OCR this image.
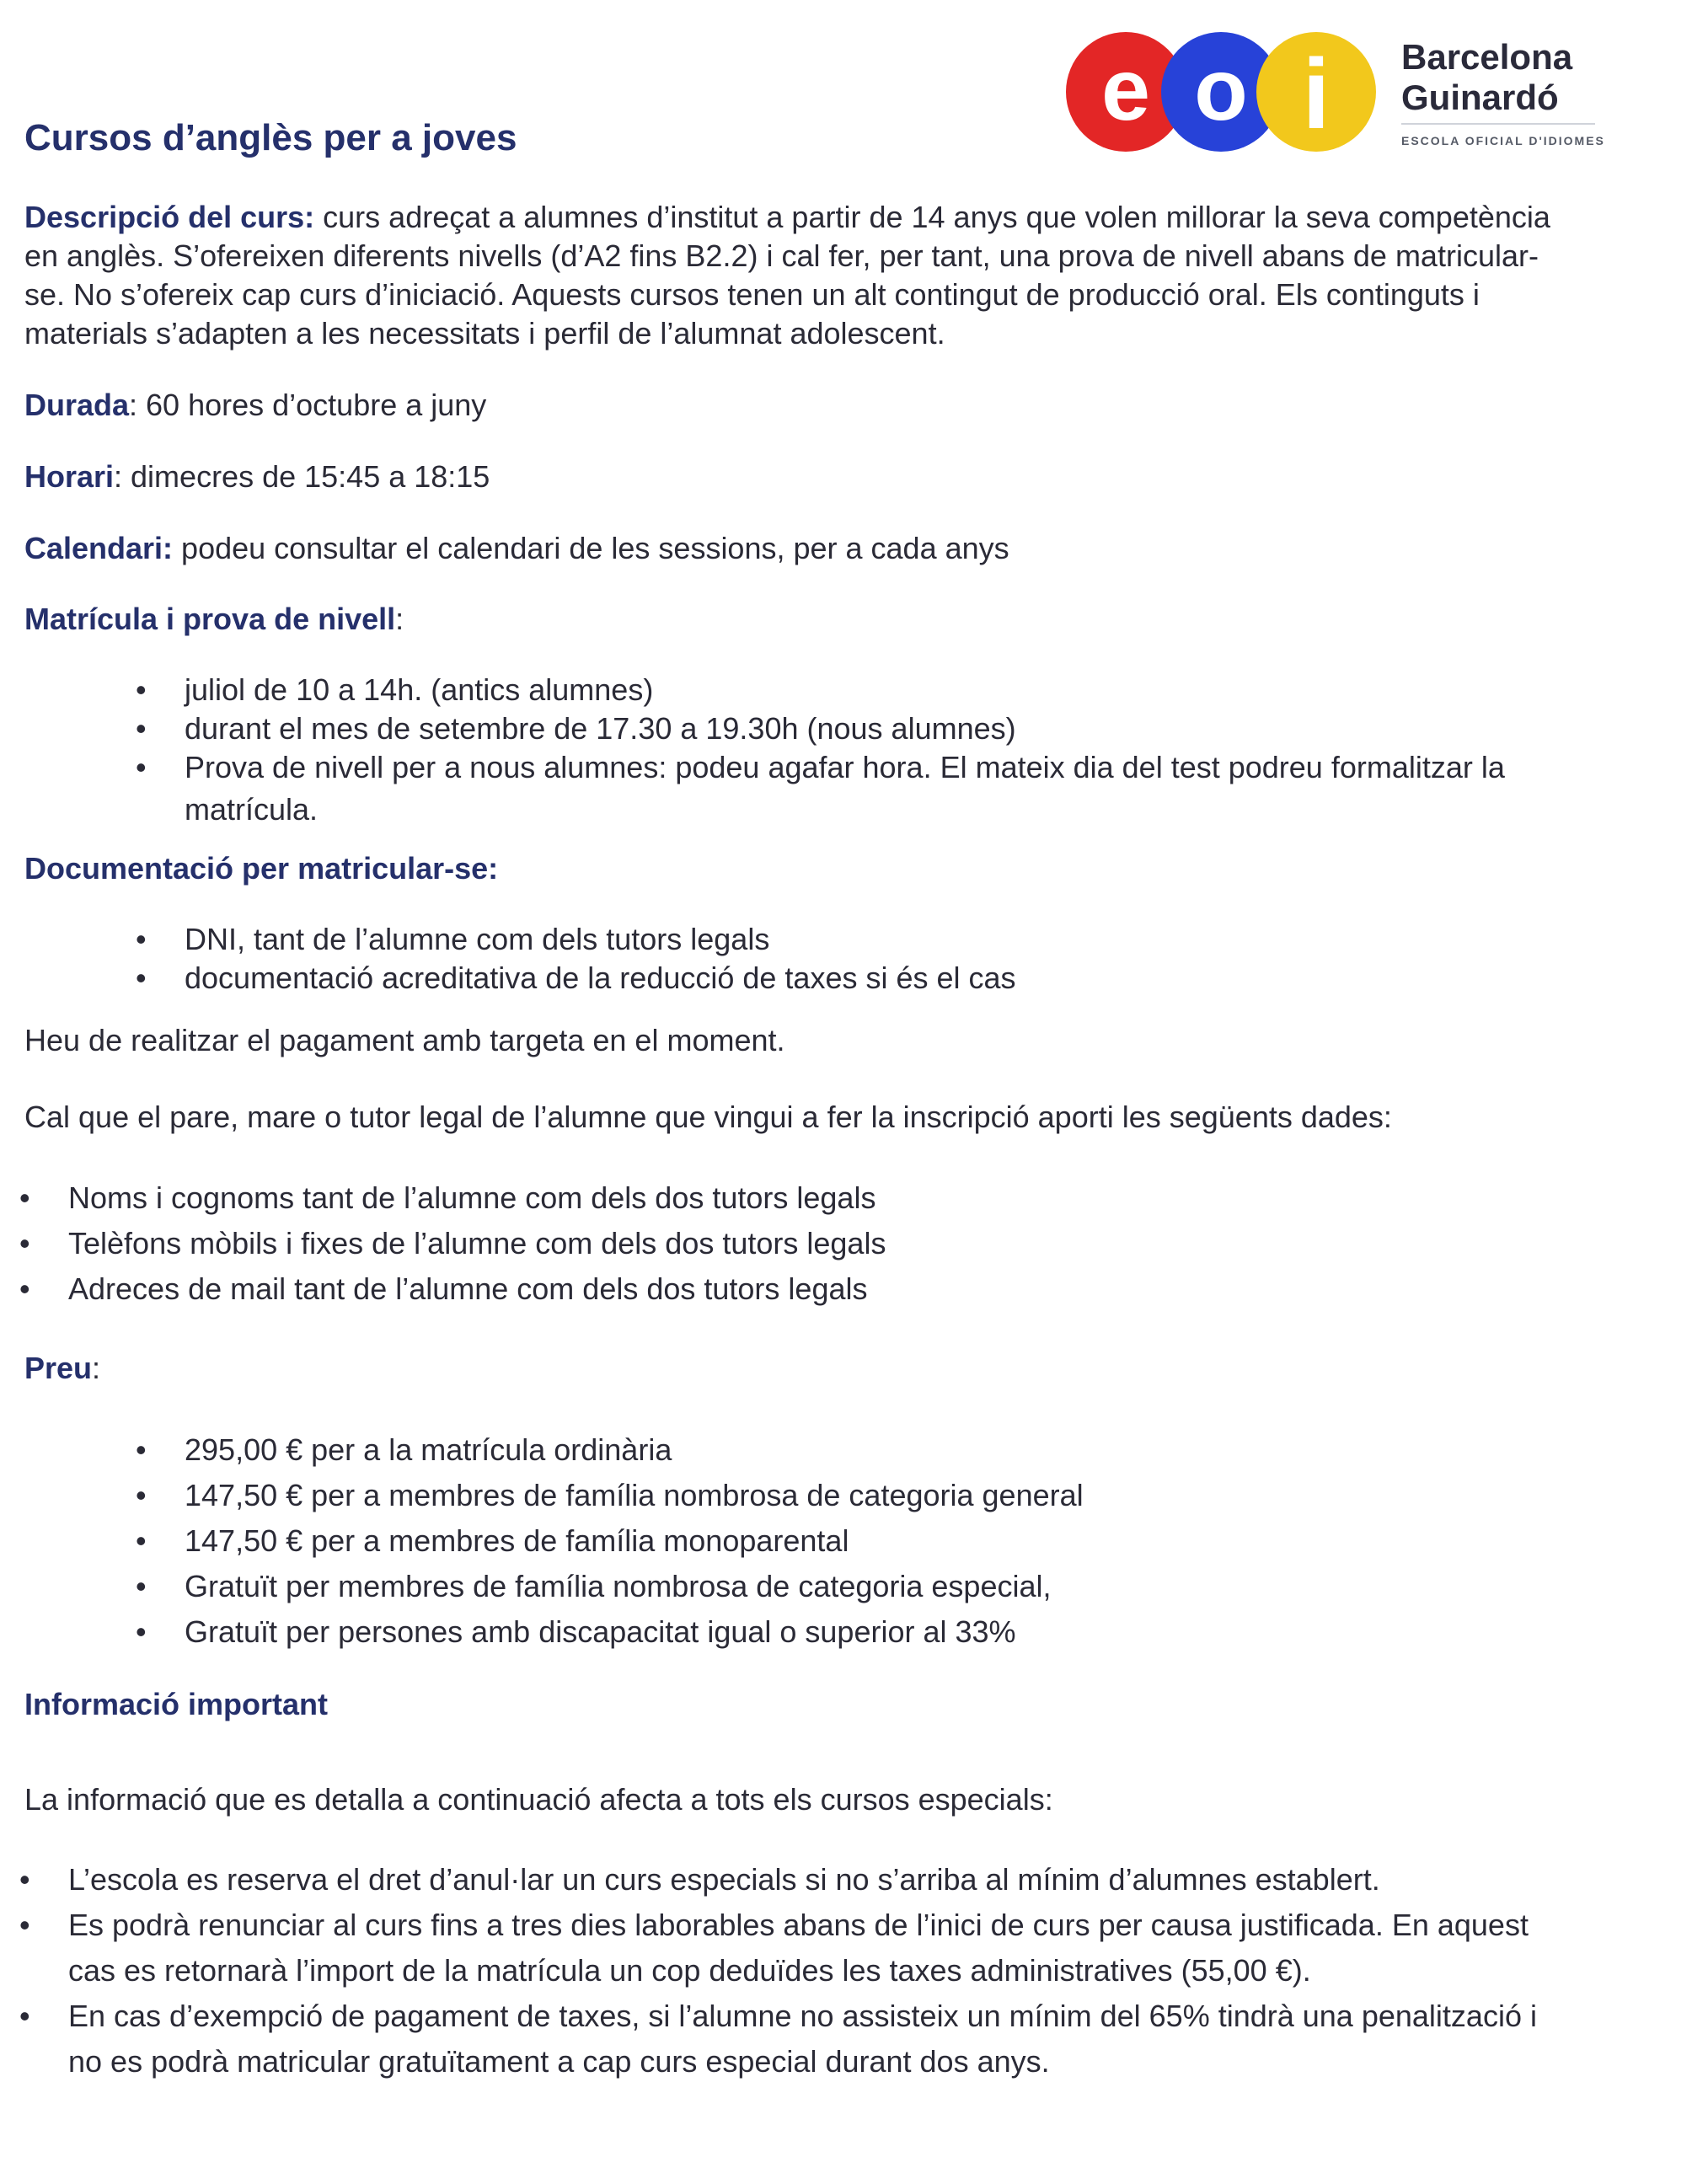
e o i Barcelona
Guinardó
ESCOLA OFICIAL D'IDIOMES
Cursos d’anglès per a joves

Descripció del curs: curs adreçat a alumnes d’institut a partir de 14 anys que volen millorar la seva competència

en anglès. S’ofereixen diferents nivells (d’A2 fins B2.2) i cal fer, per tant, una prova de nivell abans de matricular-

se. No s’ofereix cap curs d’iniciació. Aquests cursos tenen un alt contingut de producció oral. Els continguts i

materials s’adapten a les necessitats i perfil de l’alumnat adolescent.

Durada: 60 hores d’octubre a juny
Horari: dimecres de 15:45 a 18:15
Calendari: podeu consultar el calendari de les sessions, per a cada anys
Matrícula i prova de nivell:
• juliol de 10 a 14h. (antics alumnes)
• durant el mes de setembre de 17.30 a 19.30h (nous alumnes)
• Prova de nivell per a nous alumnes: podeu agafar hora. El mateix dia del test podreu formalitzar la
matrícula.
Documentació per matricular-se:
• DNI, tant de l’alumne com dels tutors legals
• documentació acreditativa de la reducció de taxes si és el cas
Heu de realitzar el pagament amb targeta en el moment.
Cal que el pare, mare o tutor legal de l’alumne que vingui a fer la inscripció aporti les següents dades:
• Noms i cognoms tant de l’alumne com dels dos tutors legals
• Telèfons mòbils i fixes de l’alumne com dels dos tutors legals
• Adreces de mail tant de l’alumne com dels dos tutors legals
Preu:
• 295,00 € per a la matrícula ordinària
• 147,50 € per a membres de família nombrosa de categoria general
• 147,50 € per a membres de família monoparental
• Gratuït per membres de família nombrosa de categoria especial,
• Gratuït per persones amb discapacitat igual o superior al 33%
Informació important
La informació que es detalla a continuació afecta a tots els cursos especials:
• L’escola es reserva el dret d’anul·lar un curs especials si no s’arriba al mínim d’alumnes establert.
• Es podrà renunciar al curs fins a tres dies laborables abans de l’inici de curs per causa justificada. En aquest
cas es retornarà l’import de la matrícula un cop deduïdes les taxes administratives (55,00 €).
• En cas d’exempció de pagament de taxes, si l’alumne no assisteix un mínim del 65% tindrà una penalització i
no es podrà matricular gratuïtament a cap curs especial durant dos anys.
